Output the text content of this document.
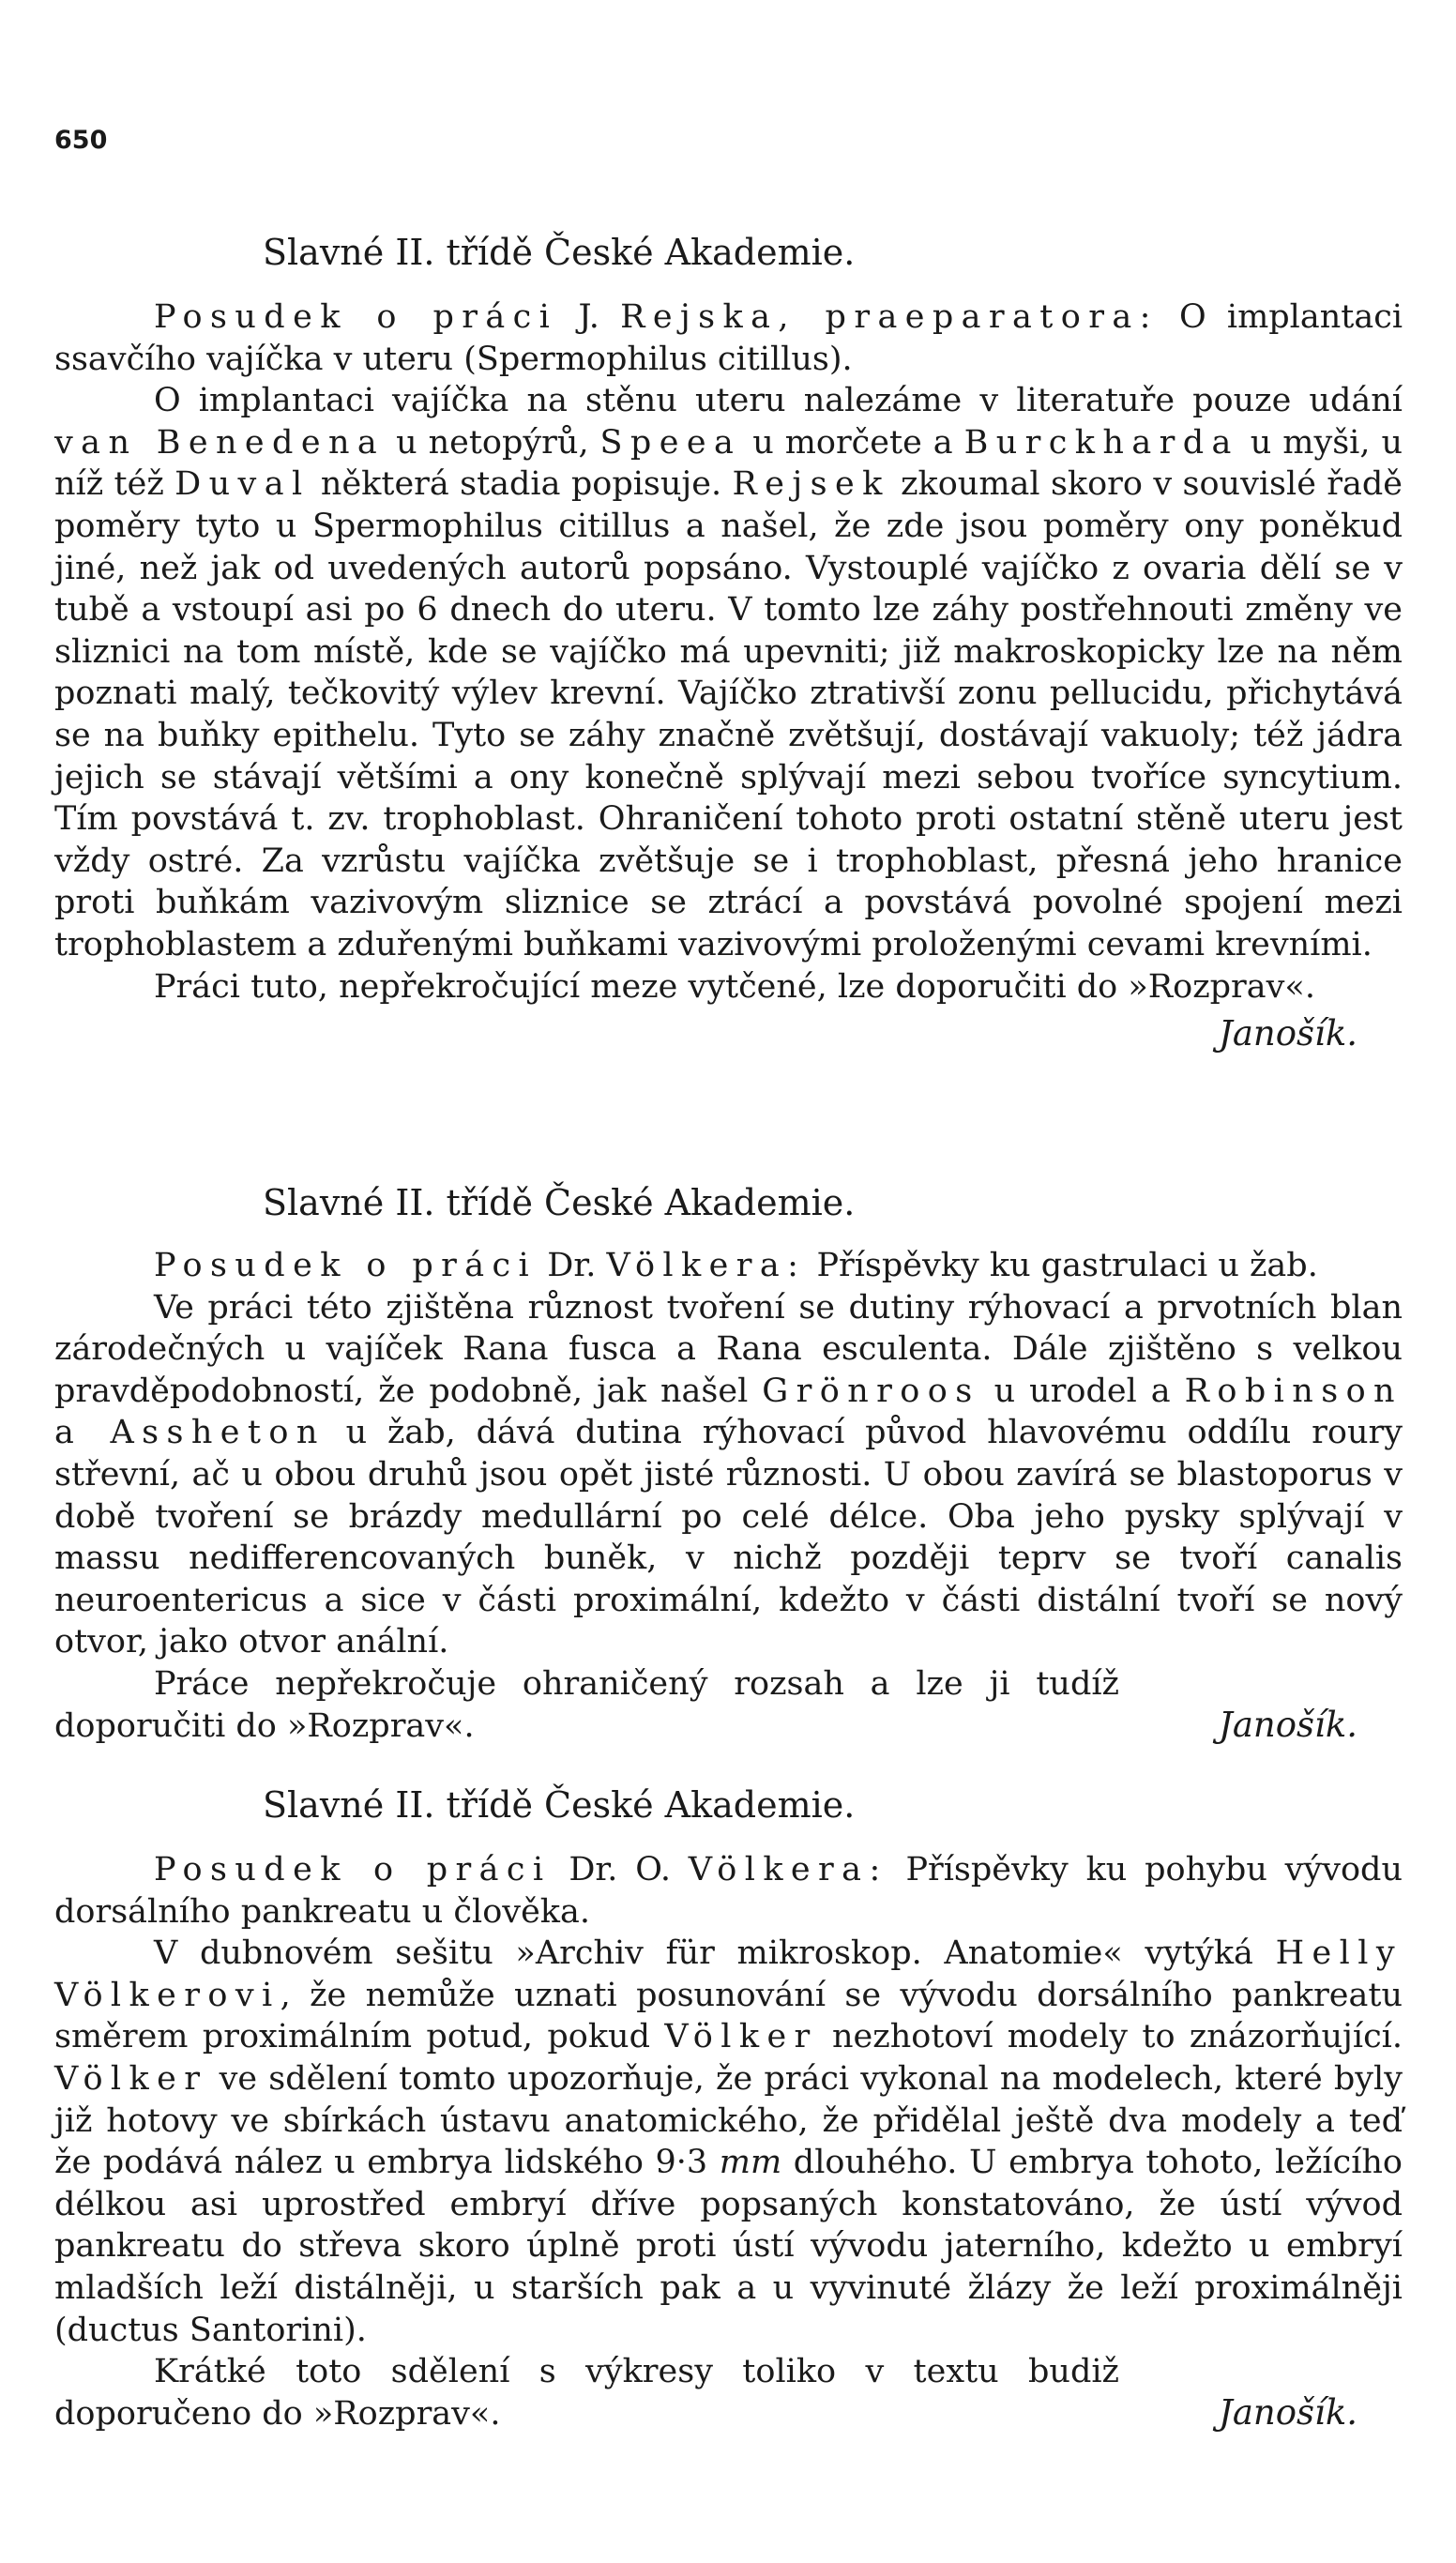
650
Slavné II. třídě České Akademie.

Posudek o práci J. Rejska, praeparatora: O implantaci ssavčího vajíčka v uteru (Spermophilus citillus).

O implantaci vajíčka na stěnu uteru nalezáme v literatuře pouze udání van Benedena u netopýrů, Speea u morčete a Burckharda u myši, u níž též Duval některá stadia popisuje. Rejsek zkoumal skoro v souvislé řadě poměry tyto u Spermophilus citillus a našel, že zde jsou poměry ony poněkud jiné, než jak od uvedených autorů popsáno. Vystouplé vajíčko z ovaria dělí se v tubě a vstoupí asi po 6 dnech do uteru. V tomto lze záhy postřehnouti změny ve sliznici na tom místě, kde se vajíčko má upevniti; již makroskopicky lze na něm poznati malý, tečkovitý výlev krevní. Vajíčko ztrativší zonu pellucidu, přichytává se na buňky epithelu. Tyto se záhy značně zvětšují, dostávají vakuoly; též jádra jejich se stávají většími a ony konečně splývají mezi sebou tvoříce syncytium. Tím povstává t. zv. trophoblast. Ohraničení tohoto proti ostatní stěně uteru jest vždy ostré. Za vzrůstu vajíčka zvětšuje se i trophoblast, přesná jeho hranice proti buňkám vazivovým sliznice se ztrácí a povstává povolné spojení mezi trophoblastem a zduřenými buňkami vazivovými proloženými cevami krevními.

Práci tuto, nepřekročující meze vytčené, lze doporučiti do »Rozprav«.

Janošík.
Slavné II. třídě České Akademie.

Posudek o práci Dr. Völkera: Příspěvky ku gastrulaci u žab.

Ve práci této zjištěna různost tvoření se dutiny rýhovací a prvotních blan zárodečných u vajíček Rana fusca a Rana esculenta. Dále zjištěno s velkou pravděpodobností, že podobně, jak našel Grönroos u urodel a Robinson a Assheton u žab, dává dutina rýhovací původ hlavovému oddílu roury střevní, ač u obou druhů jsou opět jisté různosti. U obou zavírá se blastoporus v době tvoření se brázdy medullární po celé délce. Oba jeho pysky splývají v massu nedifferencovaných buněk, v nichž později teprv se tvoří canalis neuroentericus a sice v části proximální, kdežto v části distální tvoří se nový otvor, jako otvor anální.

Janošík.
Práce nepřekročuje ohraničený rozsah a lze ji tudíž doporučiti do »Rozprav«.

Slavné II. třídě České Akademie.

Posudek o práci Dr. O. Völkera: Příspěvky ku pohybu vývodu dorsálního pankreatu u člověka.

V dubnovém sešitu »Archiv für mikroskop. Anatomie« vytýká Helly Völkerovi, že nemůže uznati posunování se vývodu dorsálního pankreatu směrem proximálním potud, pokud Völker nezhotoví modely to znázorňující. Völker ve sdělení tomto upozorňuje, že práci vykonal na modelech, které byly již hotovy ve sbírkách ústavu anatomického, že přidělal ještě dva modely a teď že podává nález u embrya lidského 9·3 mm dlouhého. U embrya tohoto, ležícího délkou asi uprostřed embryí dříve popsaných konstatováno, že ústí vývod pankreatu do střeva skoro úplně proti ústí vývodu jaterního, kdežto u embryí mladších leží distálněji, u starších pak a u vyvinuté žlázy že leží proximálněji (ductus Santorini).

Janošík.
Krátké toto sdělení s výkresy toliko v textu budiž doporučeno do »Rozprav«.
